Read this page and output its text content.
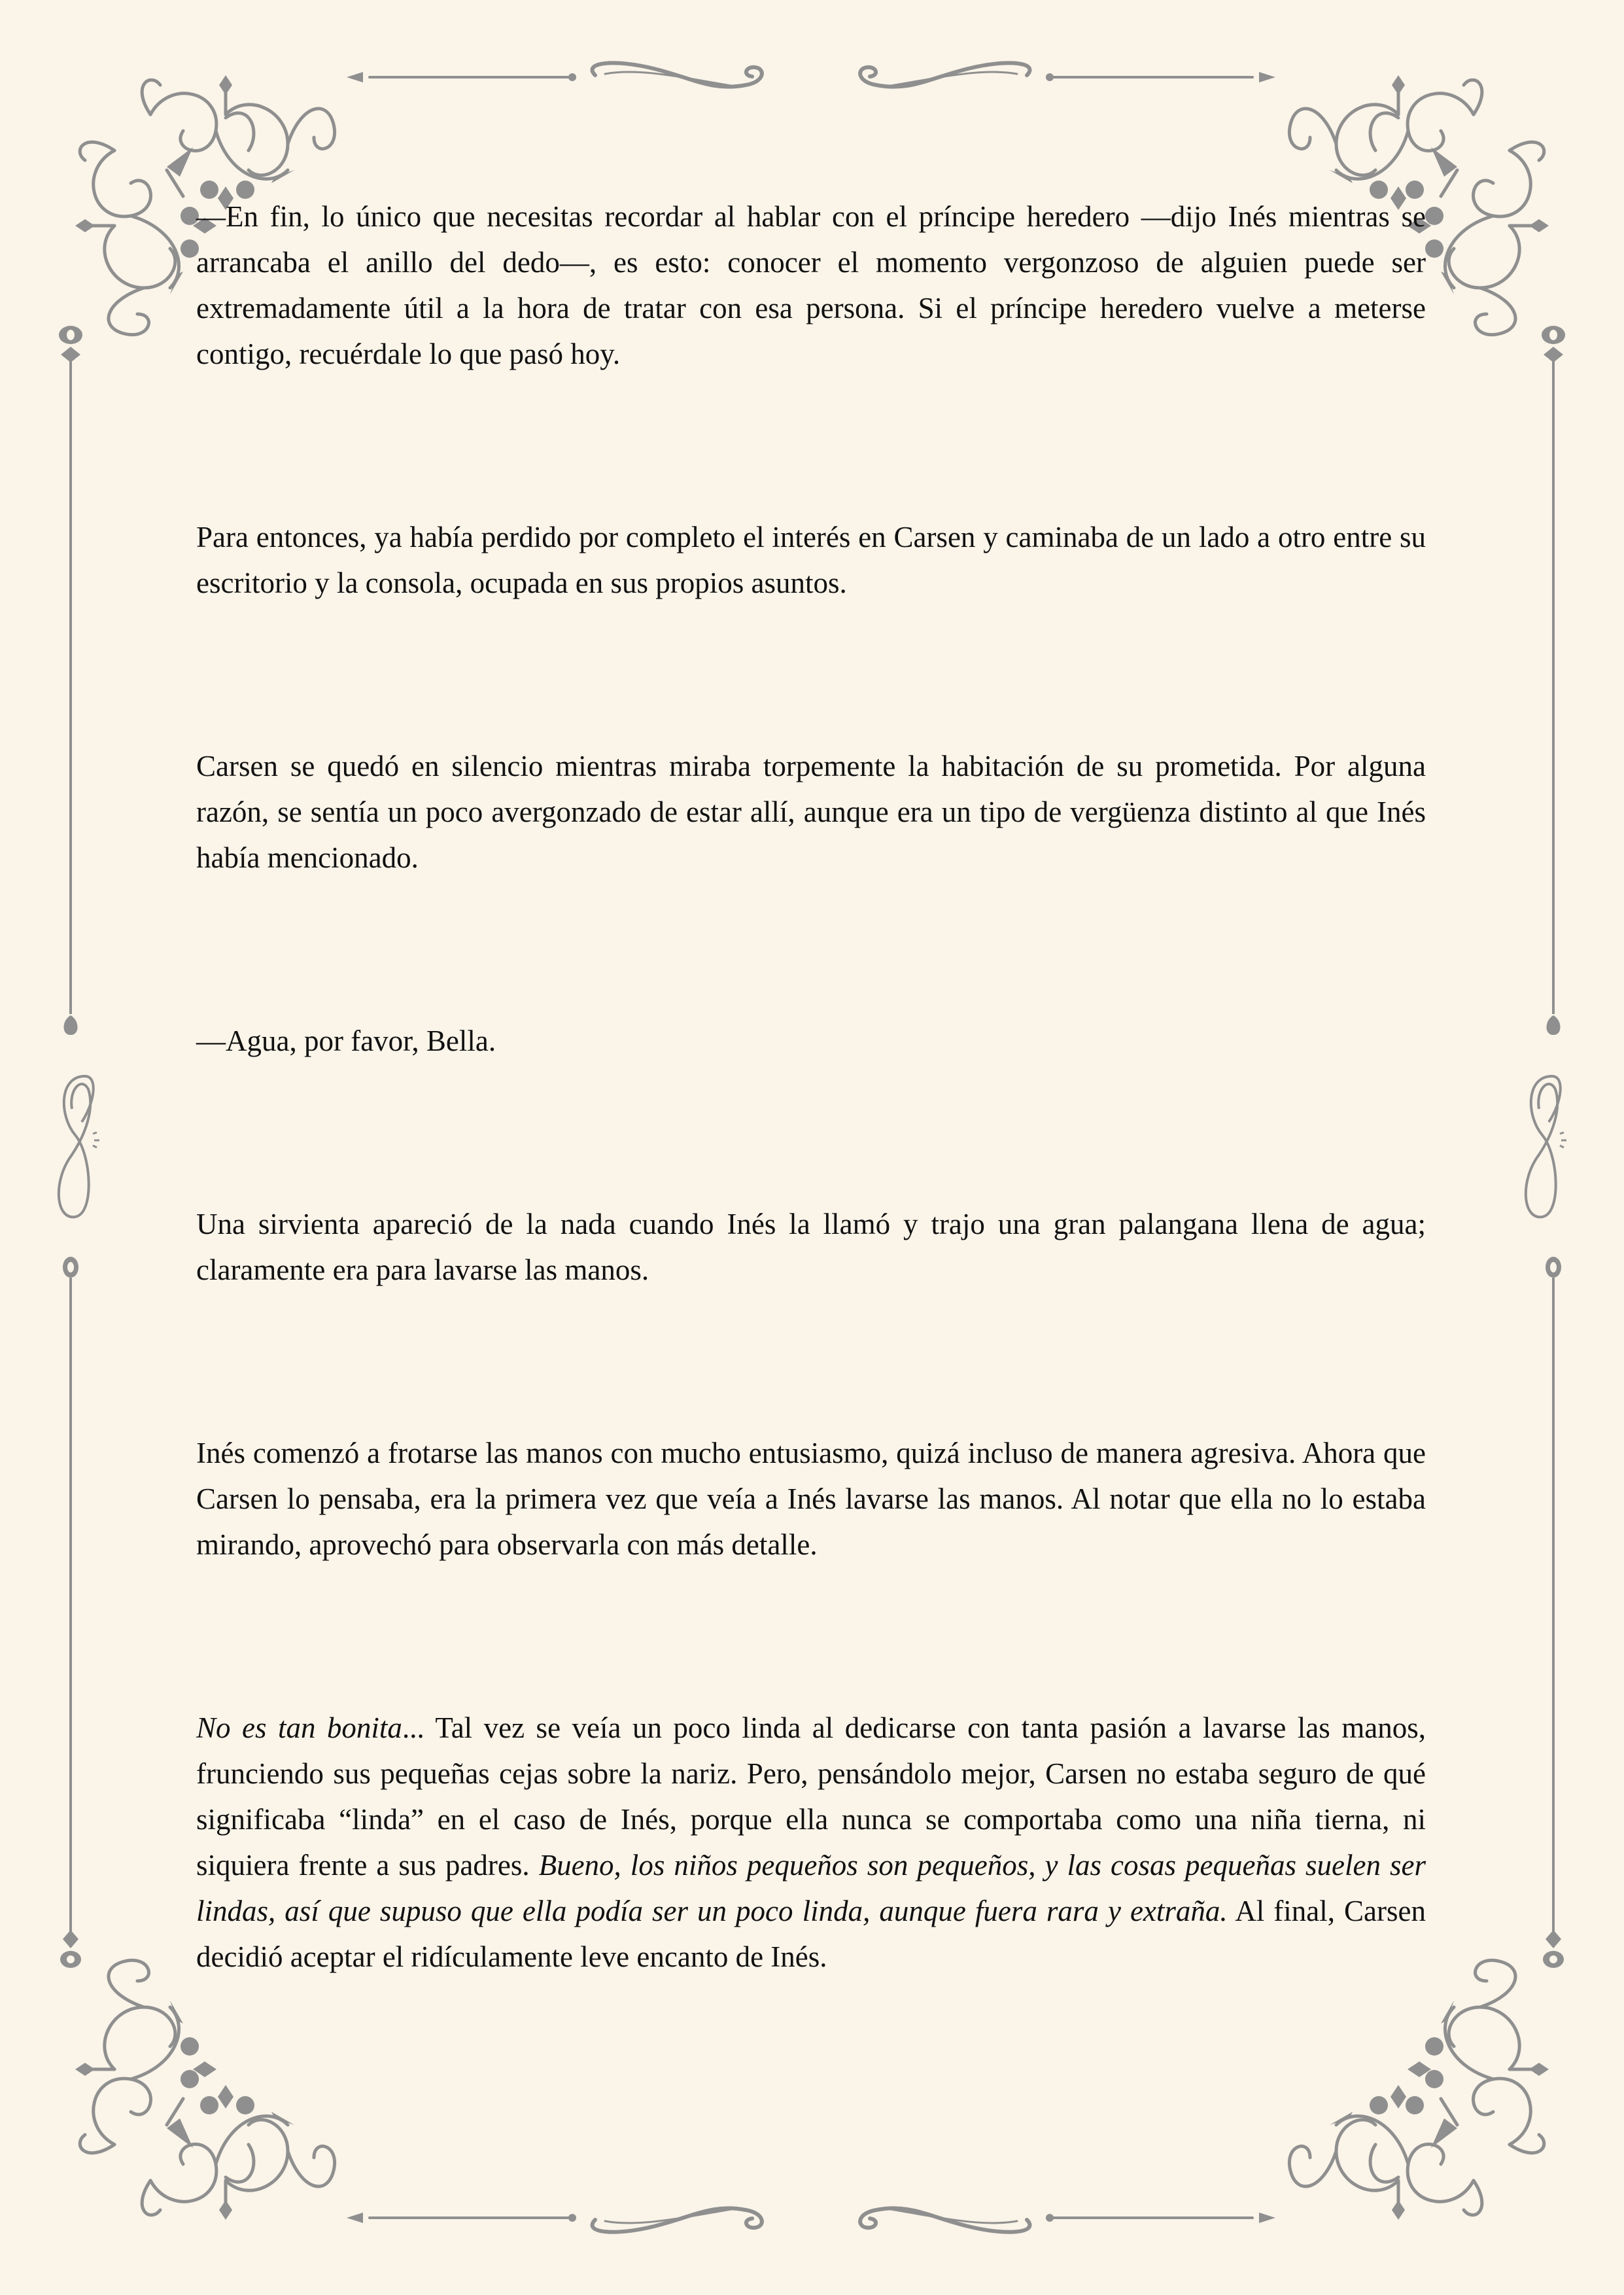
—En fin, lo único que necesitas recordar al hablar con el príncipe heredero —dijo Inés mientras se arrancaba el anillo del dedo—, es esto: conocer el momento vergonzoso de alguien puede ser extremadamente útil a la hora de tratar con esa persona. Si el príncipe heredero vuelve a meterse contigo, recuérdale lo que pasó hoy.

Para entonces, ya había perdido por completo el interés en Carsen y caminaba de un lado a otro entre su escritorio y la consola, ocupada en sus propios asuntos.

Carsen se quedó en silencio mientras miraba torpemente la habitación de su prometida. Por alguna razón, se sentía un poco avergonzado de estar allí, aunque era un tipo de vergüenza distinto al que Inés había mencionado.

—Agua, por favor, Bella.

Una sirvienta apareció de la nada cuando Inés la llamó y trajo una gran palangana llena de agua; claramente era para lavarse las manos.

Inés comenzó a frotarse las manos con mucho entusiasmo, quizá incluso de manera agresiva. Ahora que Carsen lo pensaba, era la primera vez que veía a Inés lavarse las manos. Al notar que ella no lo estaba mirando, aprovechó para observarla con más detalle.

No es tan bonita... Tal vez se veía un poco linda al dedicarse con tanta pasión a lavarse las manos, frunciendo sus pequeñas cejas sobre la nariz. Pero, pensándolo mejor, Carsen no estaba seguro de qué significaba “linda” en el caso de Inés, porque ella nunca se comportaba como una niña tierna, ni siquiera frente a sus padres. Bueno, los niños pequeños son pequeños, y las cosas pequeñas suelen ser lindas, así que supuso que ella podía ser un poco linda, aunque fuera rara y extraña. Al final, Carsen decidió aceptar el ridículamente leve encanto de Inés.
